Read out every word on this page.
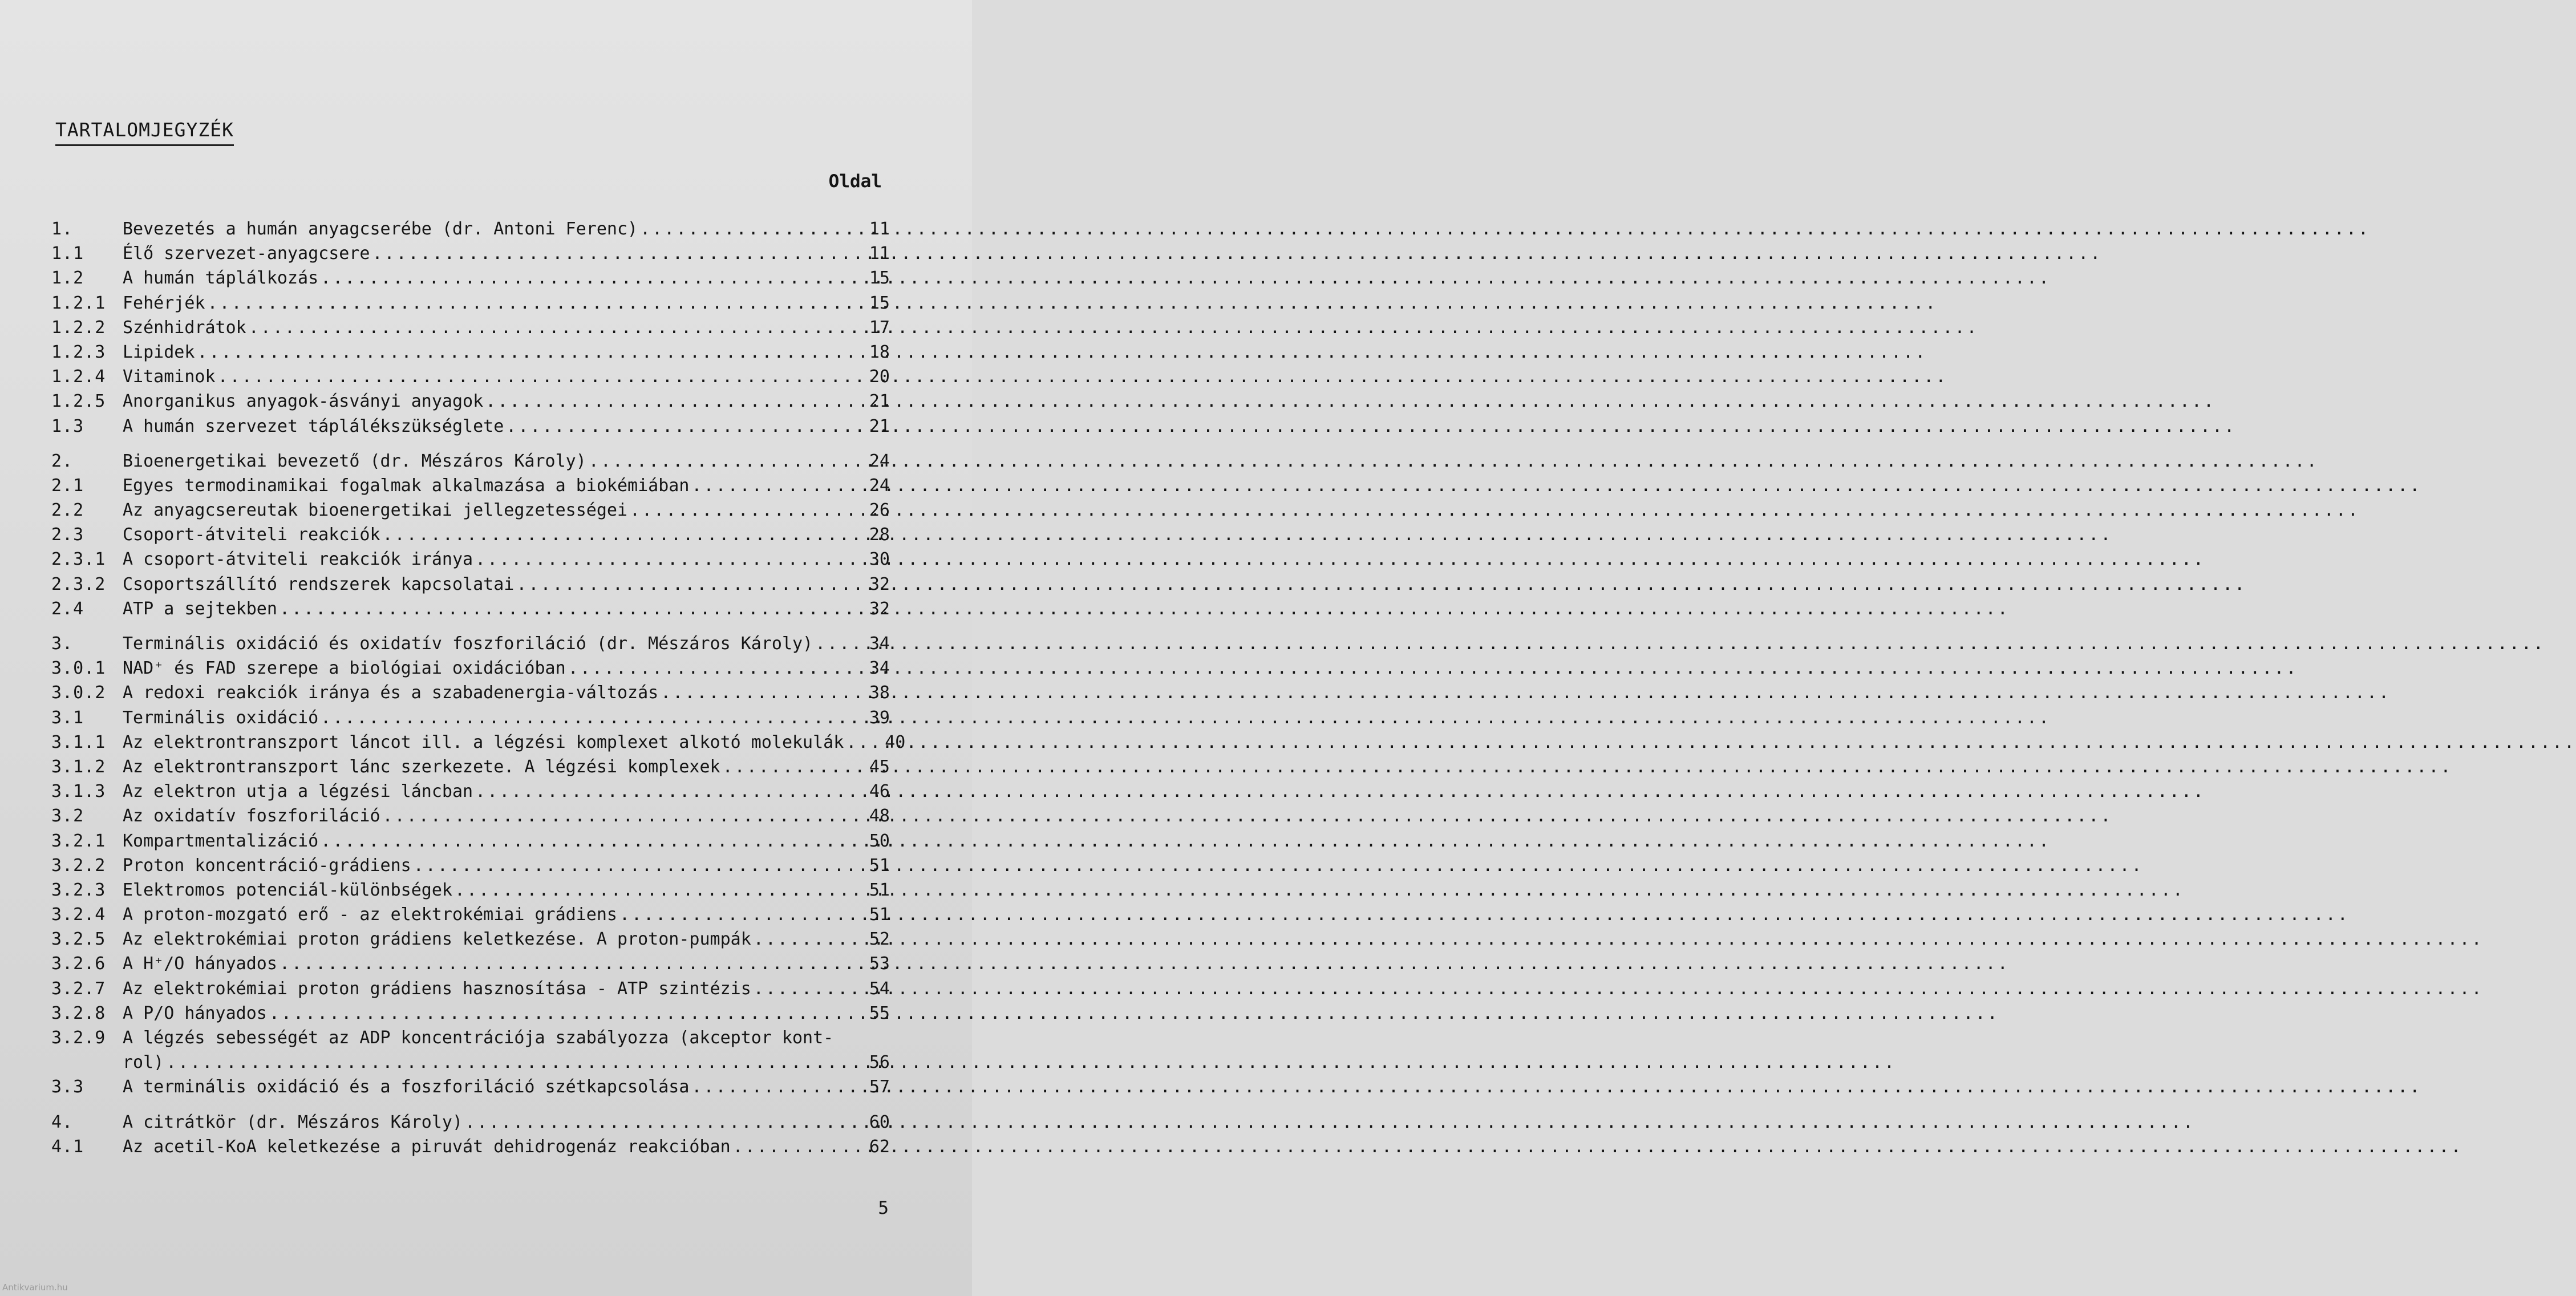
TARTALOMJEGYZÉK
Oldal
1.	Bevezetés a humán anyagcserébe (dr. Antoni Ferenc) .....	11
1.1	Élő szervezet-anyagcsere .....	11
1.2	A humán táplálkozás .....	15
1.2.1 Fehérjék .....	15
1.2.2 Szénhidrátok .....	17
1.2.3 Lipidek .....	18
1.2.4 Vitaminok .....	20
1.2.5 Anorganikus anyagok-ásványi anyagok .....	21
1.3	A humán szervezet táplálékszükséglete .....	21
2.	Bioenergetikai bevezető (dr. Mészáros Károly) .....	24
2.1	Egyes termodinamikai fogalmak alkalmazása a biokémiában .....	24
2.2	Az anyagcsereutak bioenergetikai jellegzetességei .....	26
2.3	Csoport-átviteli reakciók .....	28
2.3.1 A csoport-átviteli reakciók iránya .....	30
2.3.2 Csoportszállító rendszerek kapcsolatai .....	32
2.4	ATP a sejtekben .....	32
3.	Terminális oxidáció és oxidatív foszforiláció (dr. Mészáros Károly) .....	34
3.0.1 NAD⁺ és FAD szerepe a biológiai oxidációban .....	34
3.0.2 A redoxi reakciók iránya és a szabadenergia-változás .....	38
3.1	Terminális oxidáció .....	39
3.1.1 Az elektrontranszport láncot ill. a légzési komplexet alkotó molekulák .....	40
3.1.2 Az elektrontranszport lánc szerkezete. A légzési komplexek .....	45
3.1.3 Az elektron utja a légzési láncban .....	46
3.2	Az oxidatív foszforiláció .....	48
3.2.1 Kompartmentalizáció .....	50
3.2.2 Proton koncentráció-grádiens .....	51
3.2.3 Elektromos potenciál-különbségek .....	51
3.2.4 A proton-mozgató erő - az elektrokémiai grádiens .....	51
3.2.5 Az elektrokémiai proton grádiens keletkezése. A proton-pumpák .....	52
3.2.6 A H⁺/O hányados .....	53
3.2.7 Az elektrokémiai proton grádiens hasznosítása - ATP szintézis .....	54
3.2.8 A P/O hányados .....	55
3.2.9 A légzés sebességét az ADP koncentrációja szabályozza (akceptor kont-
rol) .....	56
3.3	A terminális oxidáció és a foszforiláció szétkapcsolása .....	57
4.	A citrátkör (dr. Mészáros Károly) .....	60
4.1	Az acetil-KoA keletkezése a piruvát dehidrogenáz reakcióban .....	62
5
Antikvarium.hu
